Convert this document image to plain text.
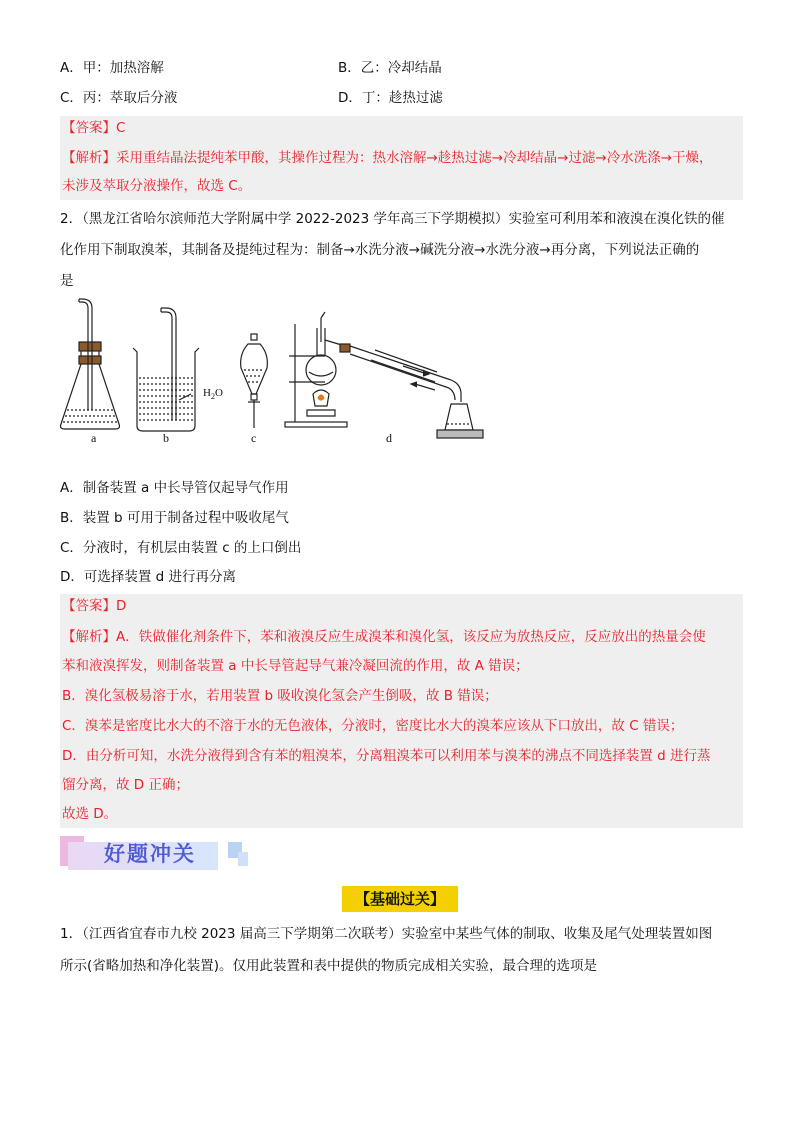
A．甲：加热溶解	B．乙：冷却结晶
C．丙：萃取后分液	D．丁：趁热过滤
【答案】C
【解析】采用重结晶法提纯苯甲酸，其操作过程为：热水溶解→趁热过滤→冷却结晶→过滤→冷水洗涤→干燥，
未涉及萃取分液操作，故选 C。
2．（黑龙江省哈尔滨师范大学附属中学 2022-2023 学年高三下学期模拟）实验室可利用苯和液溴在溴化铁的催
化作用下制取溴苯，其制备及提纯过程为：制备→水洗分液→碱洗分液→水洗分液→再分离，下列说法正确的
是
a	b	c	d
$H_2O$
A．制备装置 a 中长导管仅起导气作用
B．装置 b 可用于制备过程中吸收尾气
C．分液时，有机层由装置 c 的上口倒出
D．可选择装置 d 进行再分离
【答案】D
【解析】A．铁做催化剂条件下，苯和液溴反应生成溴苯和溴化氢，该反应为放热反应，反应放出的热量会使
苯和液溴挥发，则制备装置 a 中长导管起导气兼冷凝回流的作用，故 A 错误；
B．溴化氢极易溶于水，若用装置 b 吸收溴化氢会产生倒吸，故 B 错误；
C．溴苯是密度比水大的不溶于水的无色液体，分液时，密度比水大的溴苯应该从下口放出，故 C 错误；
D．由分析可知，水洗分液得到含有苯的粗溴苯，分离粗溴苯可以利用苯与溴苯的沸点不同选择装置 d 进行蒸
馏分离，故 D 正确；
故选 D。
好题冲关
【基础过关】
1．（江西省宜春市九校 2023 届高三下学期第二次联考）实验室中某些气体的制取、收集及尾气处理装置如图
所示(省略加热和净化装置)。仅用此装置和表中提供的物质完成相关实验，最合理的选项是
